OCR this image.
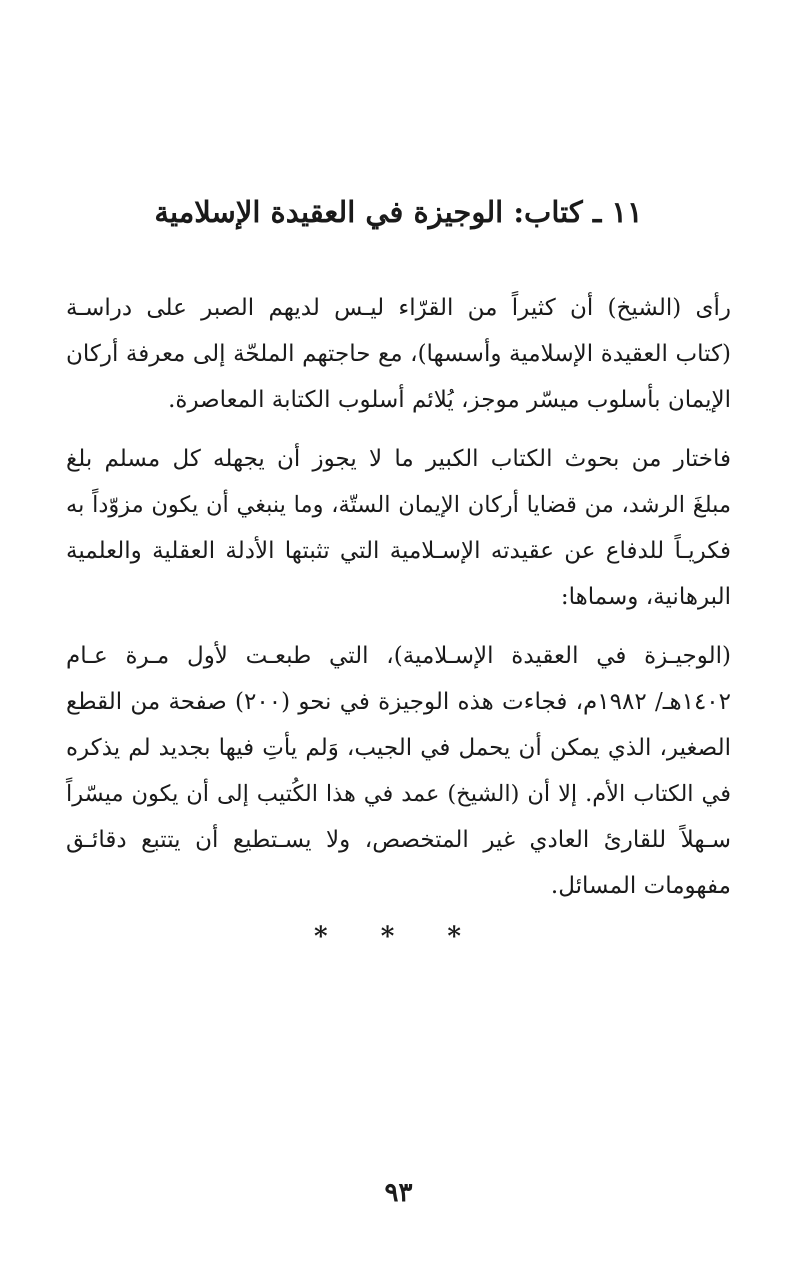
١١ ـ كتاب: الوجيزة في العقيدة الإسلامية

رأى (الشيخ) أن كثيراً من القرّاء ليـس لديهم الصبر على دراسـة
(كتاب العقيدة الإسلامية وأسسها)، مع حاجتهم الملحّة إلى معرفة أركان
الإيمان بأسلوب ميسّر موجز، يُلائم أسلوب الكتابة المعاصرة.

فاختار من بحوث الكتاب الكبير ما لا يجوز أن يجهله كل مسلم بلغ
مبلغَ الرشد، من قضايا أركان الإيمان الستّة، وما ينبغي أن يكون مزوّداً به
فكريـاً للدفاع عن عقيدته الإسـلامية التي تثبتها الأدلة العقلية والعلمية
البرهانية، وسماها:

(الوجيـزة في العقيدة الإسـلامية)، التي طبعـت لأول مـرة عـام
١٤٠٢هـ/ ١٩٨٢م، فجاءت هذه الوجيزة في نحو (٢٠٠) صفحة من القطع
الصغير، الذي يمكن أن يحمل في الجيب، وَلم يأتِ فيها بجديد لم يذكره
في الكتاب الأم. إلا أن (الشيخ) عمد في هذا الكُتيب إلى أن يكون ميسّراً
سـهلاً للقارئ العادي غير المتخصص، ولا يسـتطيع أن يتتبع دقائـق
مفهومات المسائل.

* * *
٩٣
